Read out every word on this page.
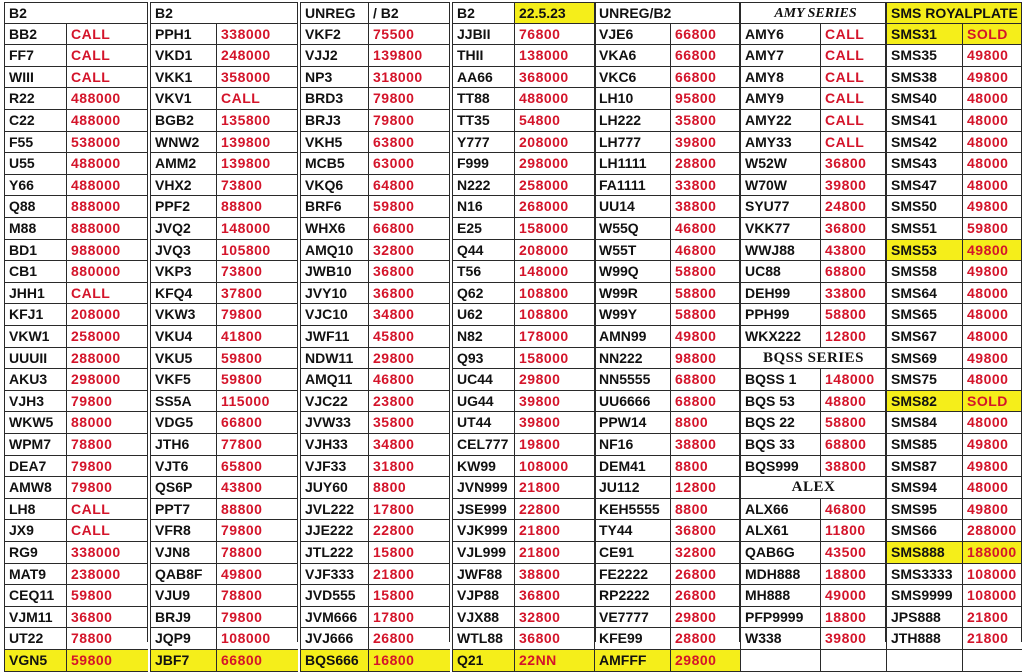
B2
BB2	CALL
FF7	CALL
WIII	CALL
R22	488000
C22	488000
F55	538000
U55	488000
Y66	488000
Q88	888000
M88	888000
BD1	988000
CB1	880000
JHH1	CALL
KFJ1	208000
VKW1	258000
UUUII	288000
AKU3	298000
VJH3	79800
WKW5	88000
WPM7	78800
DEA7	79800
AMW8	79800
LH8	CALL
JX9	CALL
RG9	338000
MAT9	238000
CEQ11	59800
VJM11	36800
UT22	78800
VGN5	59800
B2
PPH1	338000
VKD1	248000
VKK1	358000
VKV1	CALL
BGB2	135800
WNW2	139800
AMM2	139800
VHX2	73800
PPF2	88800
JVQ2	148000
JVQ3	105800
VKP3	73800
KFQ4	37800
VKW3	79800
VKU4	41800
VKU5	59800
VKF5	59800
SS5A	115000
VDG5	66800
JTH6	77800
VJT6	65800
QS6P	43800
PPT7	88800
VFR8	79800
VJN8	78800
QAB8F	49800
VJU9	78800
BRJ9	79800
JQP9	108000
JBF7	66800
UNREG	/ B2
VKF2	75500
VJJ2	139800
NP3	318000
BRD3	79800
BRJ3	79800
VKH5	63800
MCB5	63000
VKQ6	64800
BRF6	59800
WHX6	66800
AMQ10	32800
JWB10	36800
JVY10	36800
VJC10	34800
JWF11	45800
NDW11	29800
AMQ11	46800
VJC22	23800
JVW33	35800
VJH33	34800
VJF33	31800
JUY60	8800
JVL222	17800
JJE222	22800
JTL222	15800
VJF333	21800
JVD555	15800
JVM666	17800
JVJ666	26800
BQS666	16800
B2	22.5.23
JJBII	76800
THII	138000
AA66	368000
TT88	488000
TT35	54800
Y777	208000
F999	298000
N222	258000
N16	268000
E25	158000
Q44	208000
T56	148000
Q62	108800
U62	108800
N82	178000
Q93	158000
UC44	29800
UG44	39800
UT44	39800
CEL777 19800
KW99	108000
JVN999 21800
JSE999 22800
VJK999 21800
VJL999 21800
JWF88	38800
VJP88	36800
VJX88	32800
WTL88	36800
Q21	22NN
UNREG/B2
VJE6	66800
VKA6	66800
VKC6	66800
LH10	95800
LH222	35800
LH777	39800
LH1111	28800
FA1111	33800
UU14	38800
W55Q	46800
W55T	46800
W99Q	58800
W99R	58800
W99Y	58800
AMN99	49800
NN222	98800
NN5555	68800
UU6666	68800
PPW14	8800
NF16	38800
DEM41	8800
JU112	12800
KEH5555	8800
TY44	36800
CE91	32800
FE2222	26800
RP2222	26800
VE7777	29800
KFE99	28800
AMFFF	29800
AMY SERIES
AMY6	CALL
AMY7	CALL
AMY8	CALL
AMY9	CALL
AMY22	CALL
AMY33	CALL
W52W	36800
W70W	39800
SYU77	24800
VKK77	36800
WWJ88	43800
UC88	68800
DEH99	33800
PPH99	58800
WKX222	12800
BQSS SERIES
BQSS 1	148000
BQS 53	48800
BQS 22	58800
BQS 33	68800
BQS999	38800
ALEX
ALX66	46800
ALX61	11800
QAB6G	43500
MDH888	18800
MH888	49000
PFP9999	18800
W338	39800
SMS ROYALPLATE
SMS31	SOLD
SMS35	49800
SMS38	49800
SMS40	48000
SMS41	48000
SMS42	48000
SMS43	48000
SMS47	48000
SMS50	49800
SMS51	59800
SMS53	49800
SMS58	49800
SMS64	48000
SMS65	48000
SMS67	48000
SMS69	49800
SMS75	48000
SMS82	SOLD
SMS84	48000
SMS85	49800
SMS87	49800
SMS94	48000
SMS95	49800
SMS66	288000
SMS888	188000
SMS3333	108000
SMS9999	108000
JPS888	21800
JTH888	21800
